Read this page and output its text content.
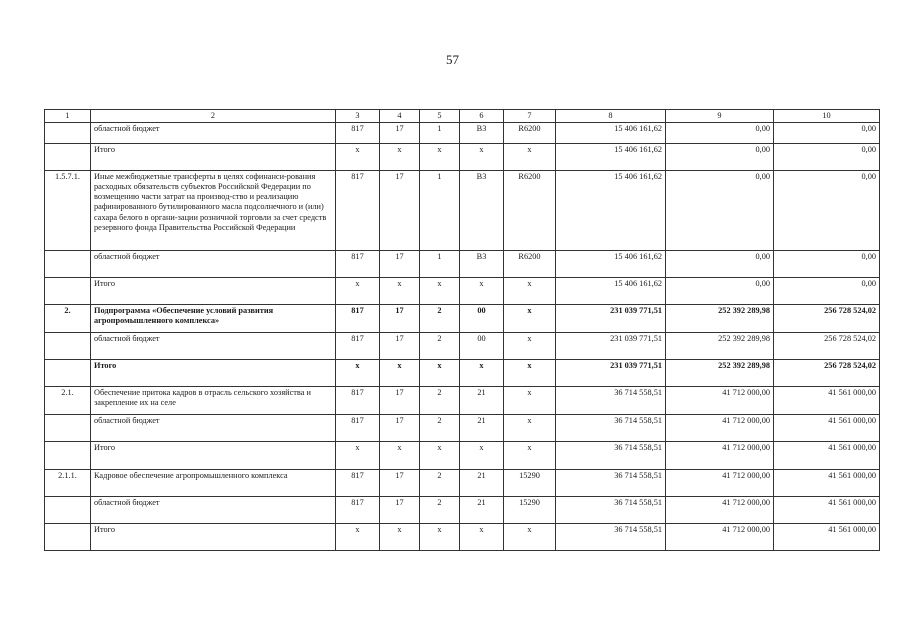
57
1	2	3	4	5	6	7	8	9	10
	областной бюджет	817	17	1	В3	R6200	15 406 161,62	0,00	0,00
	Итого	x	x	x	x	x	15 406 161,62	0,00	0,00
1.5.7.1.	Иные межбюджетные трансферты в целях софинанси-рования расходных обязательств субъектов Российской Федерации по возмещению части затрат на производ-ство и реализацию рафинированного бутилированного масла подсолнечного и (или) сахара белого в органи-зации розничной торговли за счет средств резервного фонда Правительства Российской Федерации	817	17	1	В3	R6200	15 406 161,62	0,00	0,00
	областной бюджет	817	17	1	В3	R6200	15 406 161,62	0,00	0,00
	Итого	x	x	x	x	x	15 406 161,62	0,00	0,00
2.	Подпрограмма «Обеспечение условий развития агропромышленного комплекса»	817	17	2	00	x	231 039 771,51	252 392 289,98	256 728 524,02
	областной бюджет	817	17	2	00	x	231 039 771,51	252 392 289,98	256 728 524,02
	Итого	x	x	x	x	x	231 039 771,51	252 392 289,98	256 728 524,02
2.1.	Обеспечение притока кадров в отрасль сельского хозяйства и закрепление их на селе	817	17	2	21	x	36 714 558,51	41 712 000,00	41 561 000,00
	областной бюджет	817	17	2	21	x	36 714 558,51	41 712 000,00	41 561 000,00
	Итого	x	x	x	x	x	36 714 558,51	41 712 000,00	41 561 000,00
2.1.1.	Кадровое обеспечение агропромышленного комплекса	817	17	2	21	15290	36 714 558,51	41 712 000,00	41 561 000,00
	областной бюджет	817	17	2	21	15290	36 714 558,51	41 712 000,00	41 561 000,00
	Итого	x	x	x	x	x	36 714 558,51	41 712 000,00	41 561 000,00
